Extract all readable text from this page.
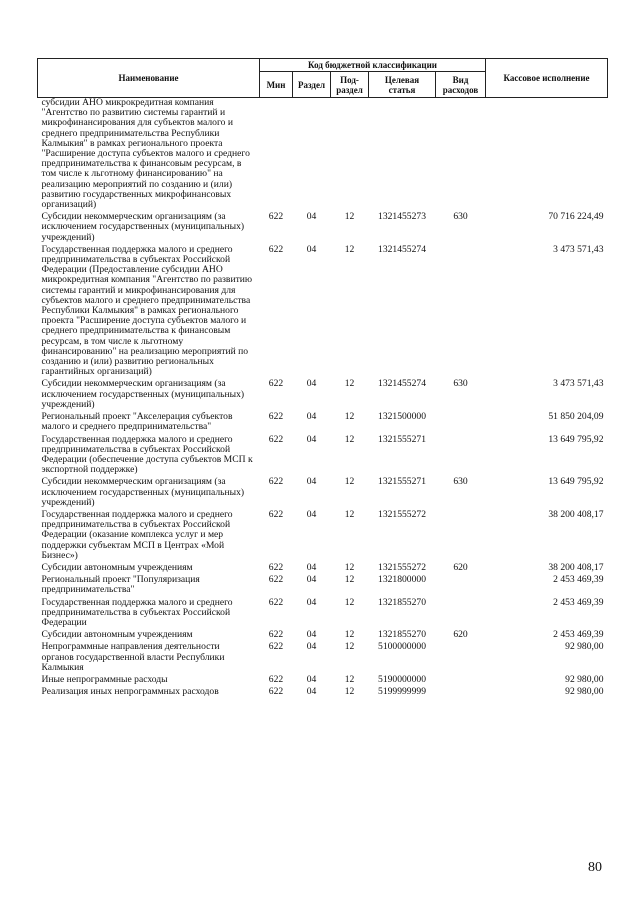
Наименование	Код бюджетной классификации					Кассовое исполнение
	Мин	Раздел	Под-раздел	Целевая статья	Вид расходов	
субсидии АНО микрокредитная компания "Агентство по развитию системы гарантий и микрофинансирования для субъектов малого и среднего предпринимательства Республики Калмыкия" в рамках регионального проекта "Расширение доступа субъектов малого и среднего предпринимательства к финансовым ресурсам, в том числе к льготному финансированию" на реализацию мероприятий по созданию и (или) развитию государственных микрофинансовых организаций)						
Субсидии некоммерческим организациям (за исключением государственных (муниципальных) учреждений)	622	04	12	1321455273	630	70 716 224,49
Государственная поддержка малого и среднего предпринимательства в субъектах Российской Федерации (Предоставление субсидии АНО микрокредитная компания "Агентство по развитию системы гарантий и микрофинансирования для субъектов малого и среднего предпринимательства Республики Калмыкия" в рамках регионального проекта "Расширение доступа субъектов малого и среднего предпринимательства к финансовым ресурсам, в том числе к льготному финансированию" на реализацию мероприятий по созданию и (или) развитию региональных гарантийных организаций)	622	04	12	1321455274		3 473 571,43
Субсидии некоммерческим организациям (за исключением государственных (муниципальных) учреждений)	622	04	12	1321455274	630	3 473 571,43
Региональный проект "Акселерация субъектов малого и среднего предпринимательства"	622	04	12	1321500000		51 850 204,09
Государственная поддержка малого и среднего предпринимательства в субъектах Российской Федерации (обеспечение доступа субъектов МСП к экспортной поддержке)	622	04	12	1321555271		13 649 795,92
Субсидии некоммерческим организациям (за исключением государственных (муниципальных) учреждений)	622	04	12	1321555271	630	13 649 795,92
Государственная поддержка малого и среднего предпринимательства в субъектах Российской Федерации (оказание комплекса услуг и мер поддержки субъектам МСП в Центрах «Мой Бизнес»)	622	04	12	1321555272		38 200 408,17
Субсидии автономным учреждениям	622	04	12	1321555272	620	38 200 408,17
Региональный проект "Популяризация предпринимательства"	622	04	12	1321800000		2 453 469,39
Государственная поддержка малого и среднего предпринимательства в субъектах Российской Федерации	622	04	12	1321855270		2 453 469,39
Субсидии автономным учреждениям	622	04	12	1321855270	620	2 453 469,39
Непрограммные направления деятельности органов государственной власти Республики Калмыкия	622	04	12	5100000000		92 980,00
Иные непрограммные расходы	622	04	12	5190000000		92 980,00
Реализация иных непрограммных расходов	622	04	12	5199999999		92 980,00
80
